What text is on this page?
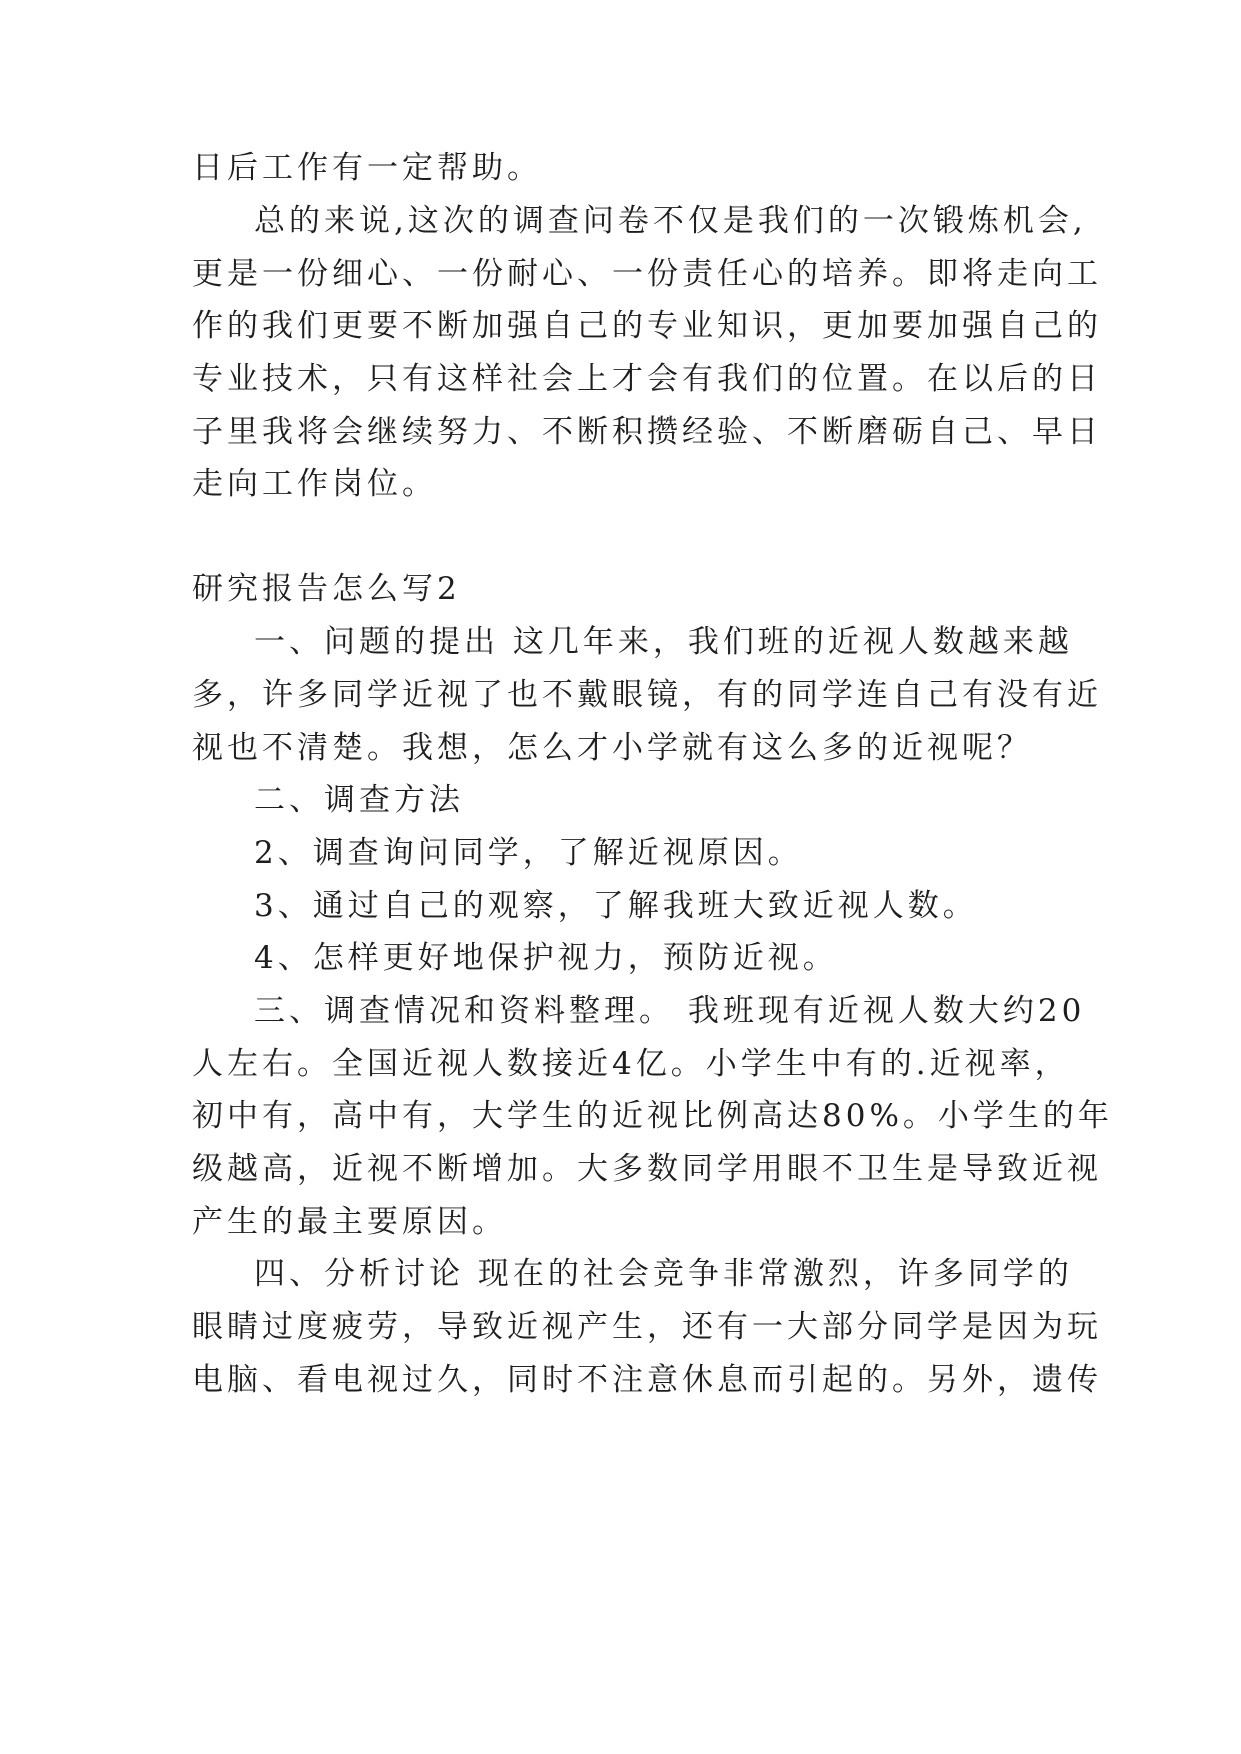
日后工作有一定帮助。
总的来说,这次的调查问卷不仅是我们的一次锻炼机会,
更是一份细心、一份耐心、一份责任心的培养。即将走向工
作的我们更要不断加强自己的专业知识，更加要加强自己的
专业技术，只有这样社会上才会有我们的位置。在以后的日
子里我将会继续努力、不断积攒经验、不断磨砺自己、早日
走向工作岗位。
研究报告怎么写2
一、问题的提出 这几年来，我们班的近视人数越来越
多，许多同学近视了也不戴眼镜，有的同学连自己有没有近
视也不清楚。我想，怎么才小学就有这么多的近视呢？
二、调查方法
2、调查询问同学，了解近视原因。
3、通过自己的观察，了解我班大致近视人数。
4、怎样更好地保护视力，预防近视。
三、调查情况和资料整理。 我班现有近视人数大约20
人左右。全国近视人数接近4亿。小学生中有的.近视率，
初中有，高中有，大学生的近视比例高达80%。小学生的年
级越高，近视不断增加。大多数同学用眼不卫生是导致近视
产生的最主要原因。
四、分析讨论 现在的社会竞争非常激烈，许多同学的
眼睛过度疲劳，导致近视产生，还有一大部分同学是因为玩
电脑、看电视过久，同时不注意休息而引起的。另外，遗传
